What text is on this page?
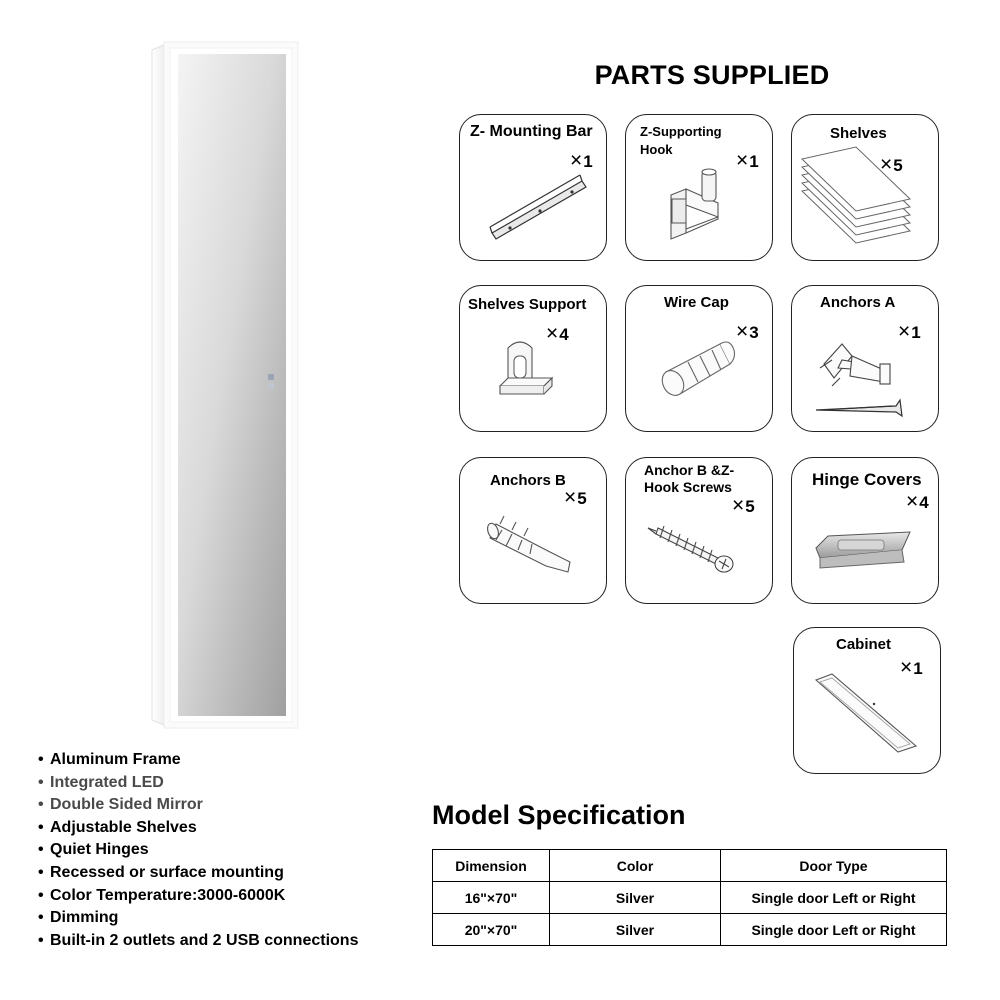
PARTS SUPPLIED
Z- Mounting Bar
×1
Z-Supporting Hook	×1
Shelves
×5
Shelves Support
×4
Wire Cap
×3
Anchors A
×1
Anchors B
×5
Anchor B &Z-Hook Screws
×5
Hinge Covers
×4
Cabinet
×1
• Aluminum Frame
• Integrated LED
• Double Sided Mirror
• Adjustable Shelves
• Quiet Hinges
• Recessed or surface mounting
• Color Temperature:3000-6000K
• Dimming
• Built-in 2 outlets and 2 USB connections
Model Specification
Dimension	Color	Door Type
16"×70"	Silver	Single door Left or Right
20"×70"	Silver	Single door Left or Right
